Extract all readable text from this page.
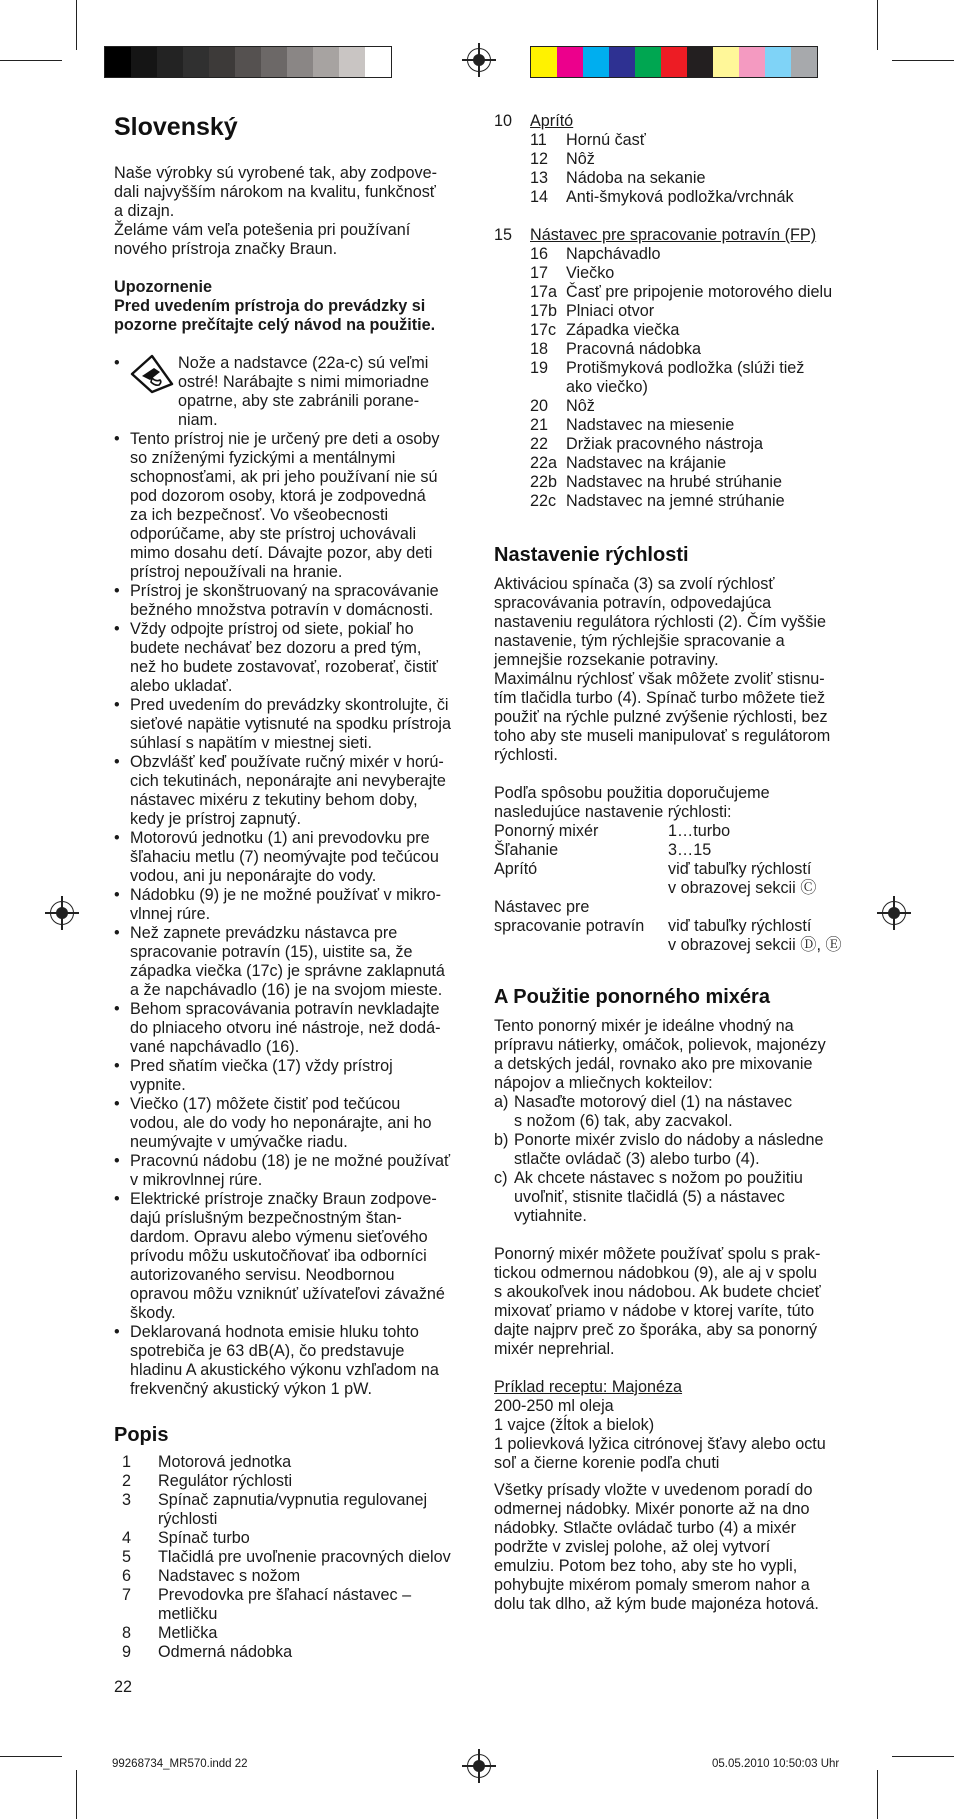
Slovenský
Naše výrobky sú vyrobené tak, aby zodpove-
dali najvyšším nárokom na kvalitu, funkčnosť
a dizajn.
Želáme vám veľa potešenia pri používaní
nového prístroja značky Braun.

Upozornenie

Pred uvedením prístroja do prevádzky si
pozorne prečítajte celý návod na použitie.
•	Nože a nadstavce (22a-c) sú veľmi
ostré! Narábajte s nimi mimoriadne
opatrne, aby ste zabránili porane-
niam.
• Tento prístroj nie je určený pre deti a osoby
so zníženými fyzickými a mentálnymi
schopnosťami, ak pri jeho používaní nie sú
pod dozorom osoby, ktorá je zodpovedná
za ich bezpečnosť. Vo všeobecnosti
odporúčame, aby ste prístroj uchovávali
mimo dosahu detí. Dávajte pozor, aby deti
prístroj nepoužívali na hranie.
• Prístroj je skonštruovaný na spracovávanie
bežného množstva potravín v domácnosti.
• Vždy odpojte prístroj od siete, pokiaľ ho
budete nechávať bez dozoru a pred tým,
než ho budete zostavovať, rozoberať, čistiť
alebo ukladať.
• Pred uvedením do prevádzky skontrolujte, či
sieťové napätie vytisnuté na spodku prístroja
súhlasí s napätím v miestnej sieti.
• Obzvlášť keď používate ručný mixér v horú-
cich tekutinách, neponárajte ani nevyberajte
nástavec mixéru z tekutiny behom doby,
kedy je prístroj zapnutý.
• Motorovú jednotku (1) ani prevodovku pre
šľahaciu metlu (7) neomývajte pod tečúcou
vodou, ani ju neponárajte do vody.
• Nádobku (9) je ne možné používať v mikro-
vlnnej rúre.
• Než zapnete prevádzku nástavca pre
spracovanie potravín (15), uistite sa, že
západka viečka (17c) je správne zaklapnutá
a že napchávadlo (16) je na svojom mieste.
• Behom spracovávania potravín nevkladajte
do plniaceho otvoru iné nástroje, než dodá-
vané napchávadlo (16).
• Pred sňatím viečka (17) vždy prístroj
vypnite.
• Viečko (17) môžete čistiť pod tečúcou
vodou, ale do vody ho neponárajte, ani ho
neumývajte v umývačke riadu.
• Pracovnú nádobu (18) je ne možné používať
v mikrovlnnej rúre.
• Elektrické prístroje značky Braun zodpove-
dajú príslušným bezpečnostným štan-
dardom. Opravu alebo výmenu sieťového
prívodu môžu uskutočňovať iba odborníci
autorizovaného servisu. Neodbornou
opravou môžu vzniknúť užívateľovi závažné
škody.
• Deklarovaná hodnota emisie hluku tohto
spotrebiča je 63 dB(A), čo predstavuje
hladinu A akustického výkonu vzhľadom na
frekvenčný akustický výkon 1 pW.
Popis
1	Motorová jednotka
2	Regulátor rýchlosti
3	Spínač zapnutia/vypnutia regulovanej
rýchlosti
4	Spínač turbo
5	Tlačidlá pre uvoľnenie pracovných dielov
6	Nadstavec s nožom
7	Prevodovka pre šľahací nástavec –
metličku
8	Metlička
9	Odmerná nádobka

22

10	Aprító
11	Hornú časť
12	Nôž
13	Nádoba na sekanie
14	Anti-šmyková podložka/vrchnák
15	Nástavec pre spracovanie potravín (FP)
16	Napchávadlo
17	Viečko
17a Časť pre pripojenie motorového dielu
17b Plniaci otvor
17c Západka viečka
18	Pracovná nádobka
19	Protišmyková podložka (slúži tiež
ako viečko)
20	Nôž
21	Nadstavec na miesenie
22	Držiak pracovného nástroja
22a Nadstavec na krájanie
22b Nadstavec na hrubé strúhanie
22c Nadstavec na jemné strúhanie
Nastavenie rýchlosti
Aktiváciou spínača (3) sa zvolí rýchlosť
spracovávania potravín, odpovedajúca
nastaveniu regulátora rýchlosti (2). Čím vyššie
nastavenie, tým rýchlejšie spracovanie a
jemnejšie rozsekanie potraviny.
Maximálnu rýchlosť však môžete zvoliť stisnu-
tím tlačidla turbo (4). Spínač turbo môžete tiež
použiť na rýchle pulzné zvýšenie rýchlosti, bez
toho aby ste museli manipulovať s regulátorom
rýchlosti.
Podľa spôsobu použitia doporučujeme
nasledujúce nastavenie rýchlosti:
Ponorný mixér	1…turbo
Šľahanie	3…15
Aprító	viď tabuľky rýchlostí
v obrazovej sekcii Ⓒ
Nástavec pre
spracovanie potravín	viď tabuľky rýchlostí
v obrazovej sekcii Ⓓ, Ⓔ
A Použitie ponorného mixéra
Tento ponorný mixér je ideálne vhodný na
prípravu nátierky, omáčok, polievok, majonézy
a detských jedál, rovnako ako pre mixovanie
nápojov a mliečnych kokteilov:
a) Nasaďte motorový diel (1) na nástavec
s nožom (6) tak, aby zacvakol.
b) Ponorte mixér zvislo do nádoby a následne
stlačte ovládač (3) alebo turbo (4).
c) Ak chcete nástavec s nožom po použitiu
uvoľniť, stisnite tlačidlá (5) a nástavec
vytiahnite.
Ponorný mixér môžete používať spolu s prak-
tickou odmernou nádobkou (9), ale aj v spolu
s akoukoľvek inou nádobou. Ak budete chcieť
mixovať priamo v nádobe v ktorej varíte, túto
dajte najprv preč zo šporáka, aby sa ponorný
mixér neprehrial.

Príklad receptu: Majonéza

200-250 ml oleja
1 vajce (žĺtok a bielok)
1 polievková lyžica citrónovej šťavy alebo octu
soľ a čierne korenie podľa chuti
Všetky prísady vložte v uvedenom poradí do
odmernej nádobky. Mixér ponorte až na dno
nádobky. Stlačte ovládač turbo (4) a mixér
podržte v zvislej polohe, až olej vytvorí
emulziu. Potom bez toho, aby ste ho vypli,
pohybujte mixérom pomaly smerom nahor a
dolu tak dlho, až kým bude majonéza hotová.
99268734_MR570.indd 22	05.05.2010 10:50:03 Uhr
